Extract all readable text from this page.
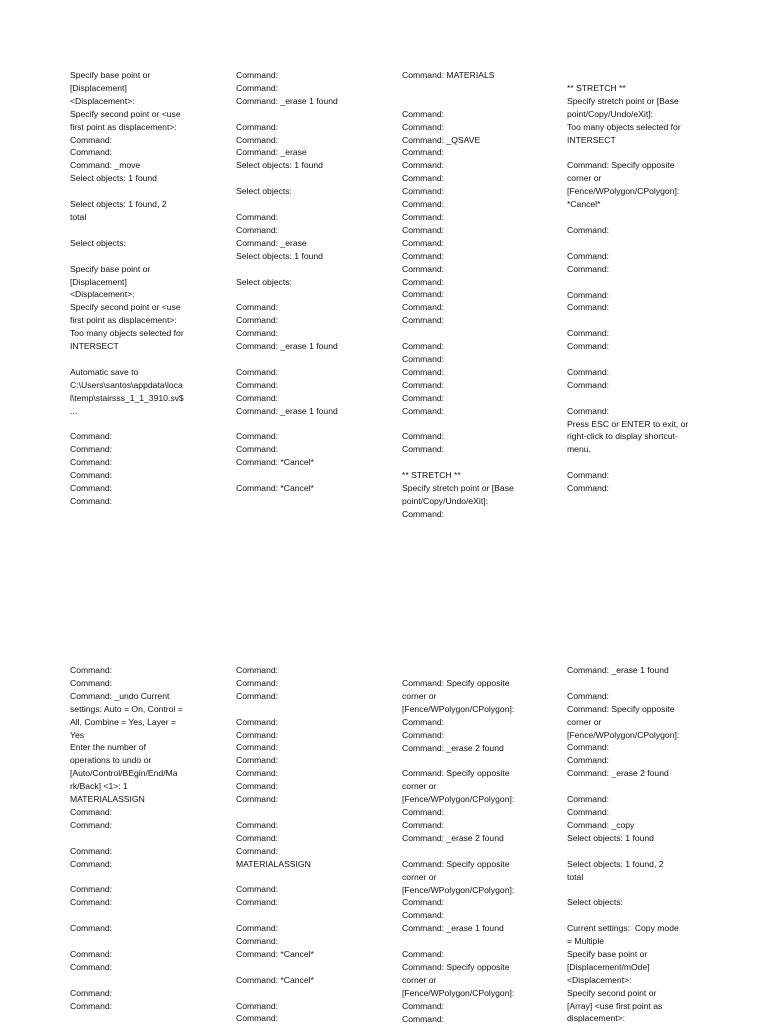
Specify base point or
[Displacement]
<Displacement>:
Specify second point or <use
first point as displacement>:
Command:
Command:
Command: _move
Select objects: 1 found

Select objects: 1 found, 2
total

Select objects:

Specify base point or
[Displacement]
<Displacement>:
Specify second point or <use
first point as displacement>:
Too many objects selected for
INTERSECT

Automatic save to
C:\Users\santos\appdata\loca
l\temp\stairsss_1_1_3910.sv$
...

Command:
Command:
Command:
Command:
Command:
Command:
Command:
Command:
Command: _erase 1 found

Command:
Command:
Command: _erase
Select objects: 1 found

Select objects:

Command:
Command:
Command: _erase
Select objects: 1 found

Select objects:

Command:
Command:
Command:
Command: _erase 1 found

Command:
Command:
Command:
Command: _erase 1 found

Command:
Command:
Command: *Cancel*

Command: *Cancel*
Command: MATERIALS

Command:
Command:
Command: _QSAVE
Command:
Command:
Command:
Command:
Command:
Command:
Command:
Command:
Command:
Command:
Command:
Command:
Command:
Command:

Command:
Command:
Command:
Command:
Command:
Command:

Command:
Command:

** STRETCH **
Specify stretch point or [Base
point/Copy/Undo/eXit]:
Command:
** STRETCH **
Specify stretch point or [Base
point/Copy/Undo/eXit]:
Too many objects selected for
INTERSECT

Command: Specify opposite
corner or
[Fence/WPolygon/CPolygon]:
*Cancel*

Command:

Command:
Command:

Command:
Command:

Command:
Command:

Command:
Command:

Command:
Press ESC or ENTER to exit, or
right-click to display shortcut-
menu.

Command:
Command:
Command:
Command:
Command: _undo Current
settings: Auto = On, Control =
All, Combine = Yes, Layer =
Yes
Enter the number of
operations to undo or
[Auto/Control/BEgin/End/Ma
rk/Back] <1>: 1
MATERIALASSIGN
Command:
Command:

Command:
Command:

Command:
Command:

Command:

Command:
Command:

Command:
Command:
Command:
Command:
Command:

Command:
Command:
Command:
Command:
Command:
Command:
Command:

Command:
Command:
Command:
MATERIALASSIGN

Command:
Command:

Command:
Command:
Command: *Cancel*

Command: *Cancel*

Command:
Command:
Command: Specify opposite
corner or
[Fence/WPolygon/CPolygon]:
Command:
Command:
Command: _erase 2 found

Command: Specify opposite
corner or
[Fence/WPolygon/CPolygon]:
Command:
Command:
Command: _erase 2 found

Command: Specify opposite
corner or
[Fence/WPolygon/CPolygon]:
Command:
Command:
Command: _erase 1 found

Command:
Command: Specify opposite
corner or
[Fence/WPolygon/CPolygon]:
Command:
Command:
Command: _erase 1 found

Command:
Command: Specify opposite
corner or
[Fence/WPolygon/CPolygon]:
Command:
Command:
Command: _erase 2 found

Command:
Command:
Command: _copy
Select objects: 1 found

Select objects: 1 found, 2
total

Select objects:

Current settings:  Copy mode
= Multiple
Specify base point or
[Displacement/mOde]
<Displacement>:
Specify second point or
[Array] <use first point as
displacement>:
